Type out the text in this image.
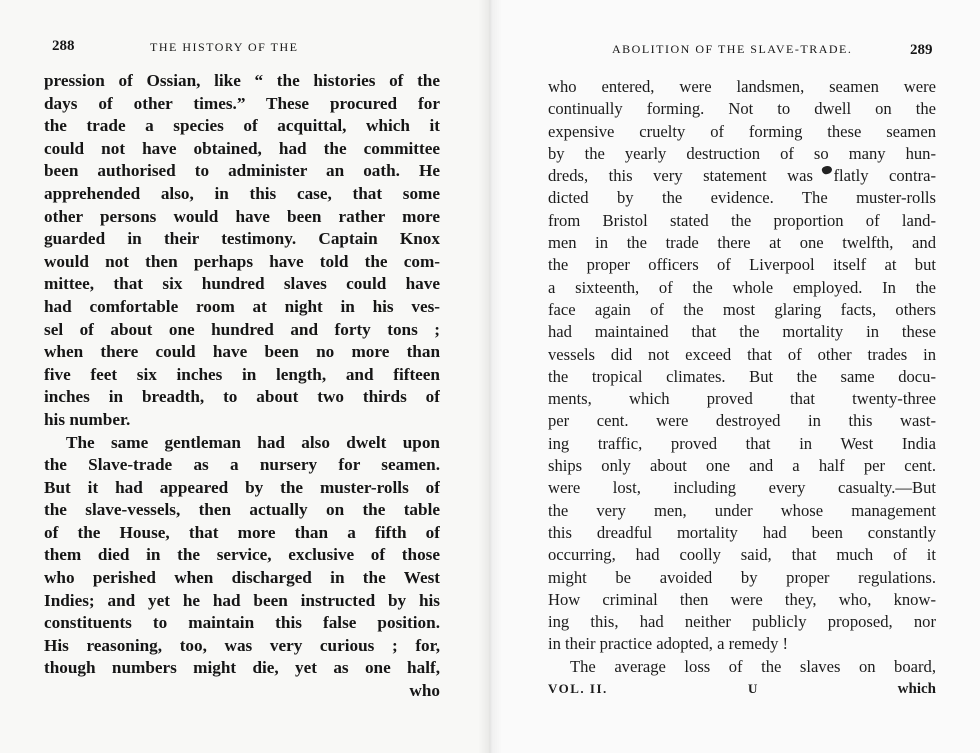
288	THE HISTORY OF THE
pression of Ossian, like “ the histories of the
days of other times.” These procured for
the trade a species of acquittal, which it
could not have obtained, had the committee
been authorised to administer an oath. He
apprehended also, in this case, that some
other persons would have been rather more
guarded in their testimony. Captain Knox
would not then perhaps have told the com-
mittee, that six hundred slaves could have
had comfortable room at night in his ves-
sel of about one hundred and forty tons ;
when there could have been no more than
five feet six inches in length, and fifteen
inches in breadth, to about two thirds of
his number.
The same gentleman had also dwelt upon
the Slave-trade as a nursery for seamen.
But it had appeared by the muster-rolls of
the slave-vessels, then actually on the table
of the House, that more than a fifth of
them died in the service, exclusive of those
who perished when discharged in the West
Indies; and yet he had been instructed by his
constituents to maintain this false position.
His reasoning, too, was very curious ; for,
though numbers might die, yet as one half,
who
ABOLITION OF THE SLAVE-TRADE.	289
who entered, were landsmen, seamen were
continually forming. Not to dwell on the
expensive cruelty of forming these seamen
by the yearly destruction of so many hun-
dreds, this very statement was flatly contra-
dicted by the evidence. The muster-rolls
from Bristol stated the proportion of land-
men in the trade there at one twelfth, and
the proper officers of Liverpool itself at but
a sixteenth, of the whole employed. In the
face again of the most glaring facts, others
had maintained that the mortality in these
vessels did not exceed that of other trades in
the tropical climates. But the same docu-
ments, which proved that twenty-three
per cent. were destroyed in this wast-
ing traffic, proved that in West India
ships only about one and a half per cent.
were lost, including every casualty.—But
the very men, under whose management
this dreadful mortality had been constantly
occurring, had coolly said, that much of it
might be avoided by proper regulations.
How criminal then were they, who, know-
ing this, had neither publicly proposed, nor
in their practice adopted, a remedy !
The average loss of the slaves on board,
VOL. II.	U	which
